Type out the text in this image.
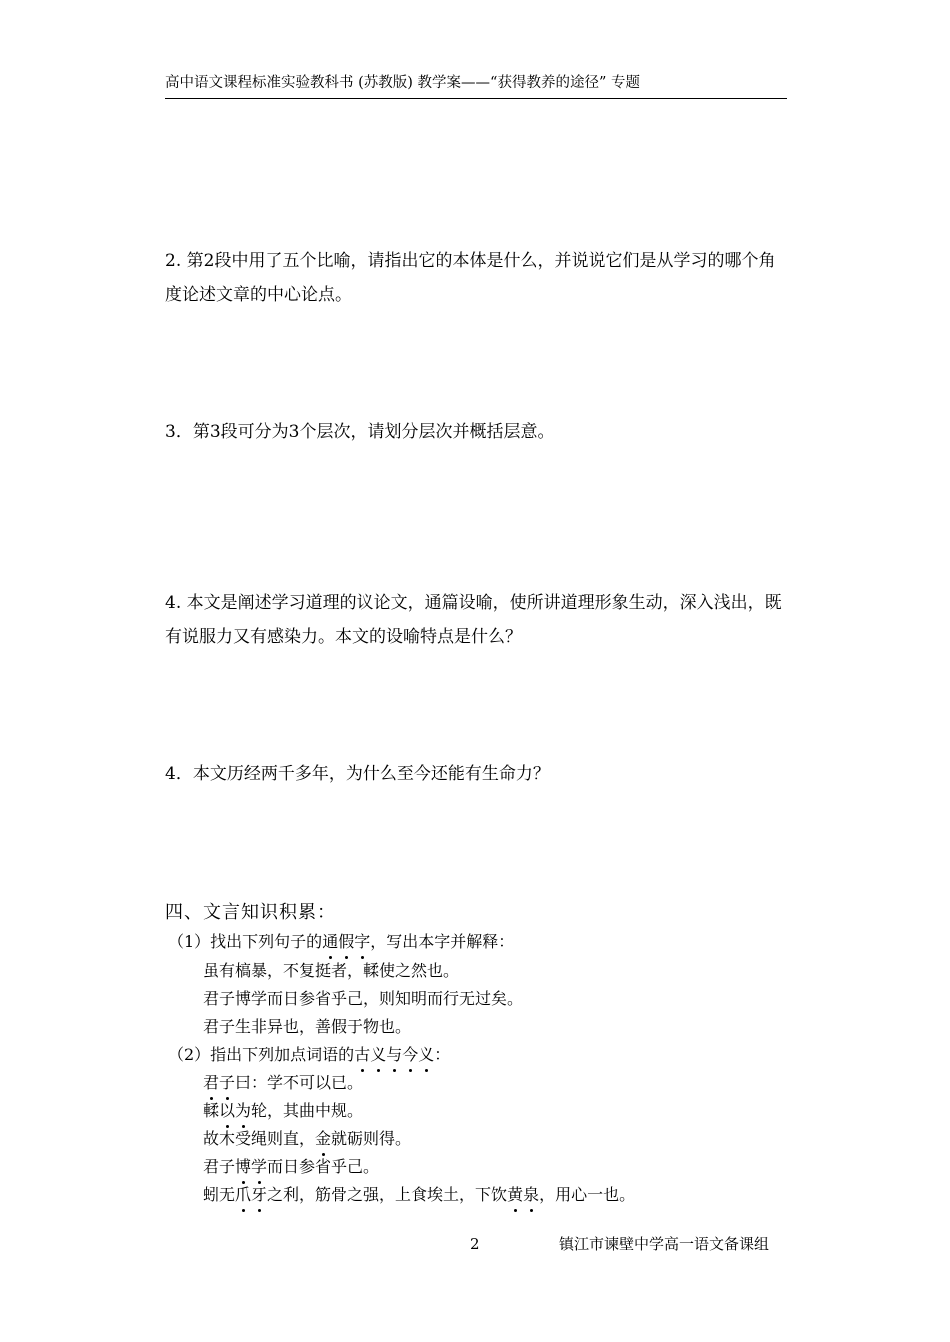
高中语文课程标准实验教科书 (苏教版) 教学案——“获得教养的途径” 专题
2. 第2段中用了五个比喻，请指出它的本体是什么，并说说它们是从学习的哪个角度论述文章的中心论点。
3．第3段可分为3个层次，请划分层次并概括层意。
4. 本文是阐述学习道理的议论文，通篇设喻，使所讲道理形象生动，深入浅出，既有说服力又有感染力。本文的设喻特点是什么？
4．本文历经两千多年，为什么至今还能有生命力？
四、文言知识积累：
（1）找出下列句子的通假字，写出本字并解释：
虽有槁暴，不复挺者，輮使之然也。
君子博学而日参省乎己，则知明而行无过矣。
君子生非异也，善假于物也。
（2）指出下列加点词语的古义与今义：
君子曰：学不可以已。
輮以为轮，其曲中规。
故木受绳则直，金就砺则得。
君子博学而日参省乎己。
蚓无爪牙之利，筋骨之强，上食埃土，下饮黄泉，用心一也。
2	镇江市谏壁中学高一语文备课组
